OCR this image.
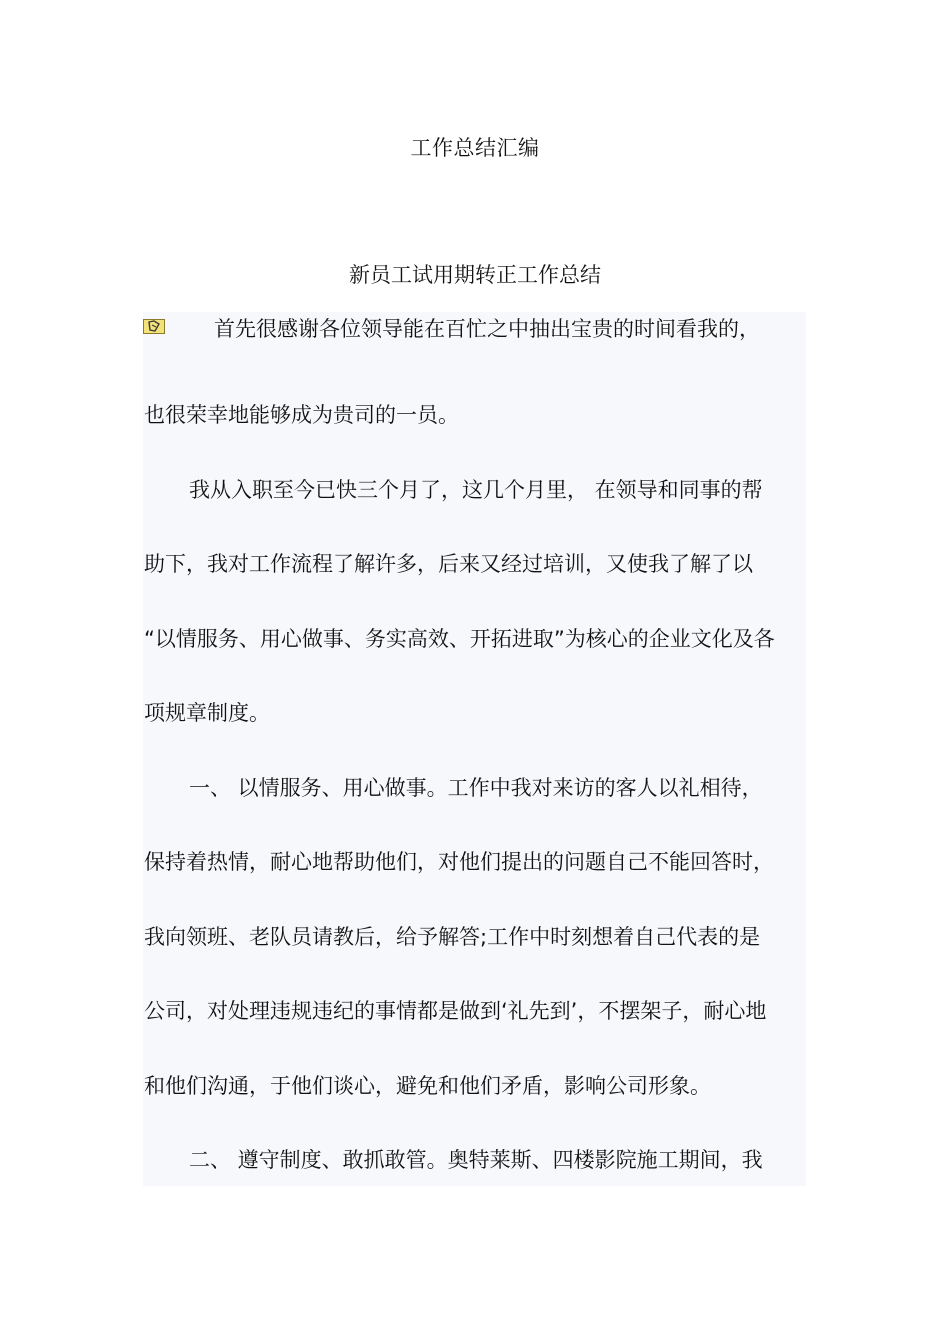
工作总结汇编
新员工试用期转正工作总结
首先很感谢各位领导能在百忙之中抽出宝贵的时间看我的，
也很荣幸地能够成为贵司的一员。
我从入职至今已快三个月了，这几个月里， 在领导和同事的帮
助下，我对工作流程了解许多，后来又经过培训，又使我了解了以
“以情服务、用心做事、务实高效、开拓进取”为核心的企业文化及各
项规章制度。
一、 以情服务、用心做事。工作中我对来访的客人以礼相待，
保持着热情，耐心地帮助他们，对他们提出的问题自己不能回答时，
我向领班、老队员请教后，给予解答;工作中时刻想着自己代表的是
公司，对处理违规违纪的事情都是做到‘礼先到’，不摆架子，耐心地
和他们沟通，于他们谈心，避免和他们矛盾，影响公司形象。
二、 遵守制度、敢抓敢管。奥特莱斯、四楼影院施工期间，我
